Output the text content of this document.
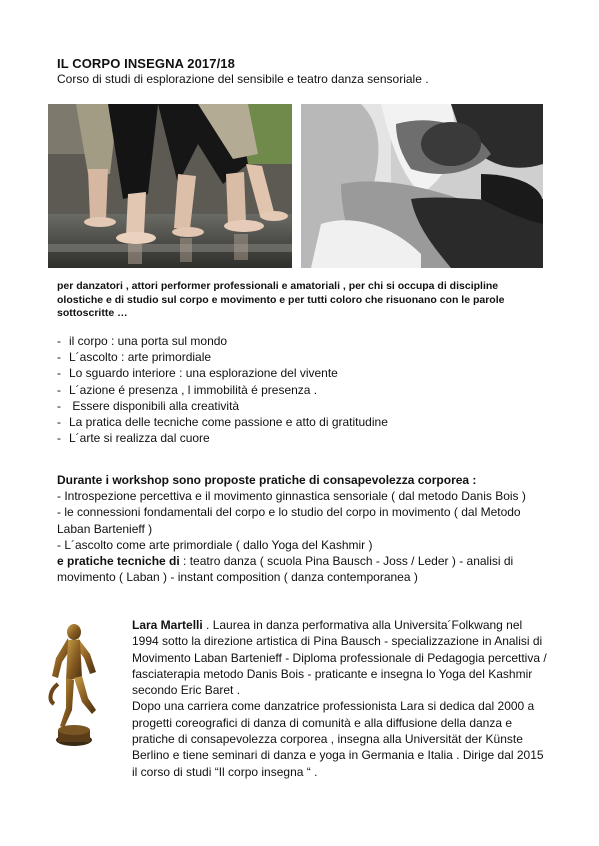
IL CORPO INSEGNA 2017/18
Corso di studi di esplorazione del sensibile e teatro danza sensoriale .
per danzatori , attori performer professionali e amatoriali , per chi si occupa di discipline olostiche e di studio sul corpo e movimento e per tutti coloro che risuonano con le parole sottoscritte …
- il corpo : una porta sul mondo
- L´ascolto : arte primordiale
- Lo sguardo interiore : una esplorazione del vivente
- L´azione é presenza , l immobilità é presenza .
- Essere disponibili alla creatività
- La pratica delle tecniche come passione e atto di gratitudine
- L´arte si realizza dal cuore
Durante i workshop sono proposte pratiche di consapevolezza corporea :
- Introspezione percettiva e il movimento ginnastica sensoriale ( dal metodo Danis Bois )
- le connessioni fondamentali del corpo e lo studio del corpo in movimento ( dal Metodo Laban Bartenieff )
- L´ascolto come arte primordiale ( dallo Yoga del Kashmir )
e pratiche tecniche di : teatro danza ( scuola Pina Bausch - Joss / Leder ) - analisi di movimento ( Laban ) - instant composition ( danza contemporanea )
Lara Martelli . Laurea in danza performativa alla Universita´Folkwang nel 1994 sotto la direzione artistica di Pina Bausch - specializzazione in Analisi di Movimento Laban Bartenieff - Diploma professionale di Pedagogia percettiva / fasciaterapia metodo Danis Bois - praticante e insegna lo Yoga del Kashmir secondo Eric Baret .
Dopo una carriera come danzatrice professionista Lara si dedica dal 2000 a progetti coreografici di danza di comunità e alla diffusione della danza e pratiche di consapevolezza corporea , insegna alla Universität der Künste Berlino e tiene seminari di danza e yoga in Germania e Italia . Dirige dal 2015 il corso di studi “Il corpo insegna “ .
